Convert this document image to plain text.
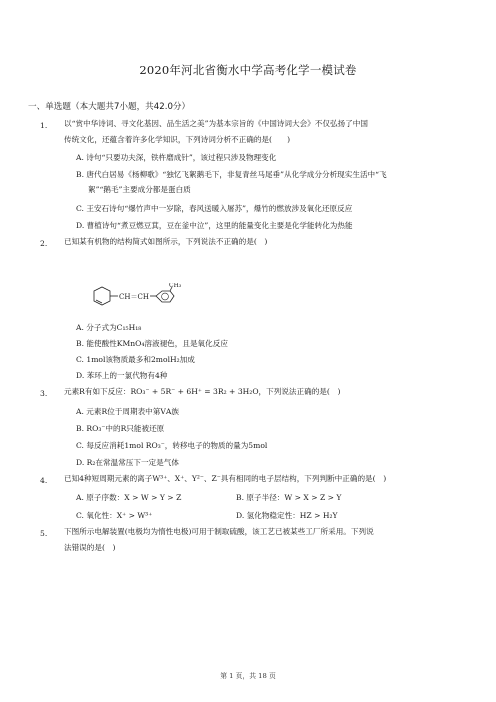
2020年河北省衡水中学高考化学一模试卷
一、单选题（本大题共7小题，共42.0分）
1. 以“赏中华诗词、寻文化基因、品生活之美”为基本宗旨的《中国诗词大会》不仅弘扬了中国
传统文化，还蕴含着许多化学知识，下列诗词分析不正确的是(　　)
A. 诗句“只要功夫深，铁杵磨成针”，该过程只涉及物理变化
B. 唐代白居易《杨柳歌》“独忆飞絮鹅毛下，非复青丝马尾垂”从化学成分分析现实生活中“飞
絮”“鹅毛”主要成分都是蛋白质
C. 王安石诗句“爆竹声中一岁除，春风送暖入屠苏”，爆竹的燃放涉及氧化还原反应
D. 曹植诗句“煮豆燃豆萁，豆在釜中泣”，这里的能量变化主要是化学能转化为热能
2. 已知某有机物的结构简式如图所示，下列说法不正确的是(　)
CH＝CH
CH₃
A. 分子式为C₁₅H₁₈
B. 能使酸性KMnO₄溶液褪色，且是氧化反应
C. 1mol该物质最多和2molH₂加成
D. 苯环上的一氯代物有4种
3. 元素R有如下反应：RO₃⁻ + 5R⁻ + 6H⁺ = 3R₂ + 3H₂O，下列说法正确的是(　)
A. 元素R位于周期表中第ⅤA族
B. RO₃⁻中的R只能被还原
C. 每反应消耗1mol RO₃⁻，转移电子的物质的量为5mol
D. R₂在常温常压下一定是气体
4. 已知4种短周期元素的离子W³⁺、X⁺、Y²⁻、Z⁻具有相同的电子层结构，下列判断中正确的是(　)
A. 原子序数：X > W > Y > Z	B. 原子半径：W > X > Z > Y
C. 氧化性：X⁺ > W³⁺	D. 氢化物稳定性：HZ > H₂Y
5. 下图所示电解装置(电极均为惰性电极)可用于制取硫酸，该工艺已被某些工厂所采用。下列说
法错误的是(　)
第 1 页，共 18 页
